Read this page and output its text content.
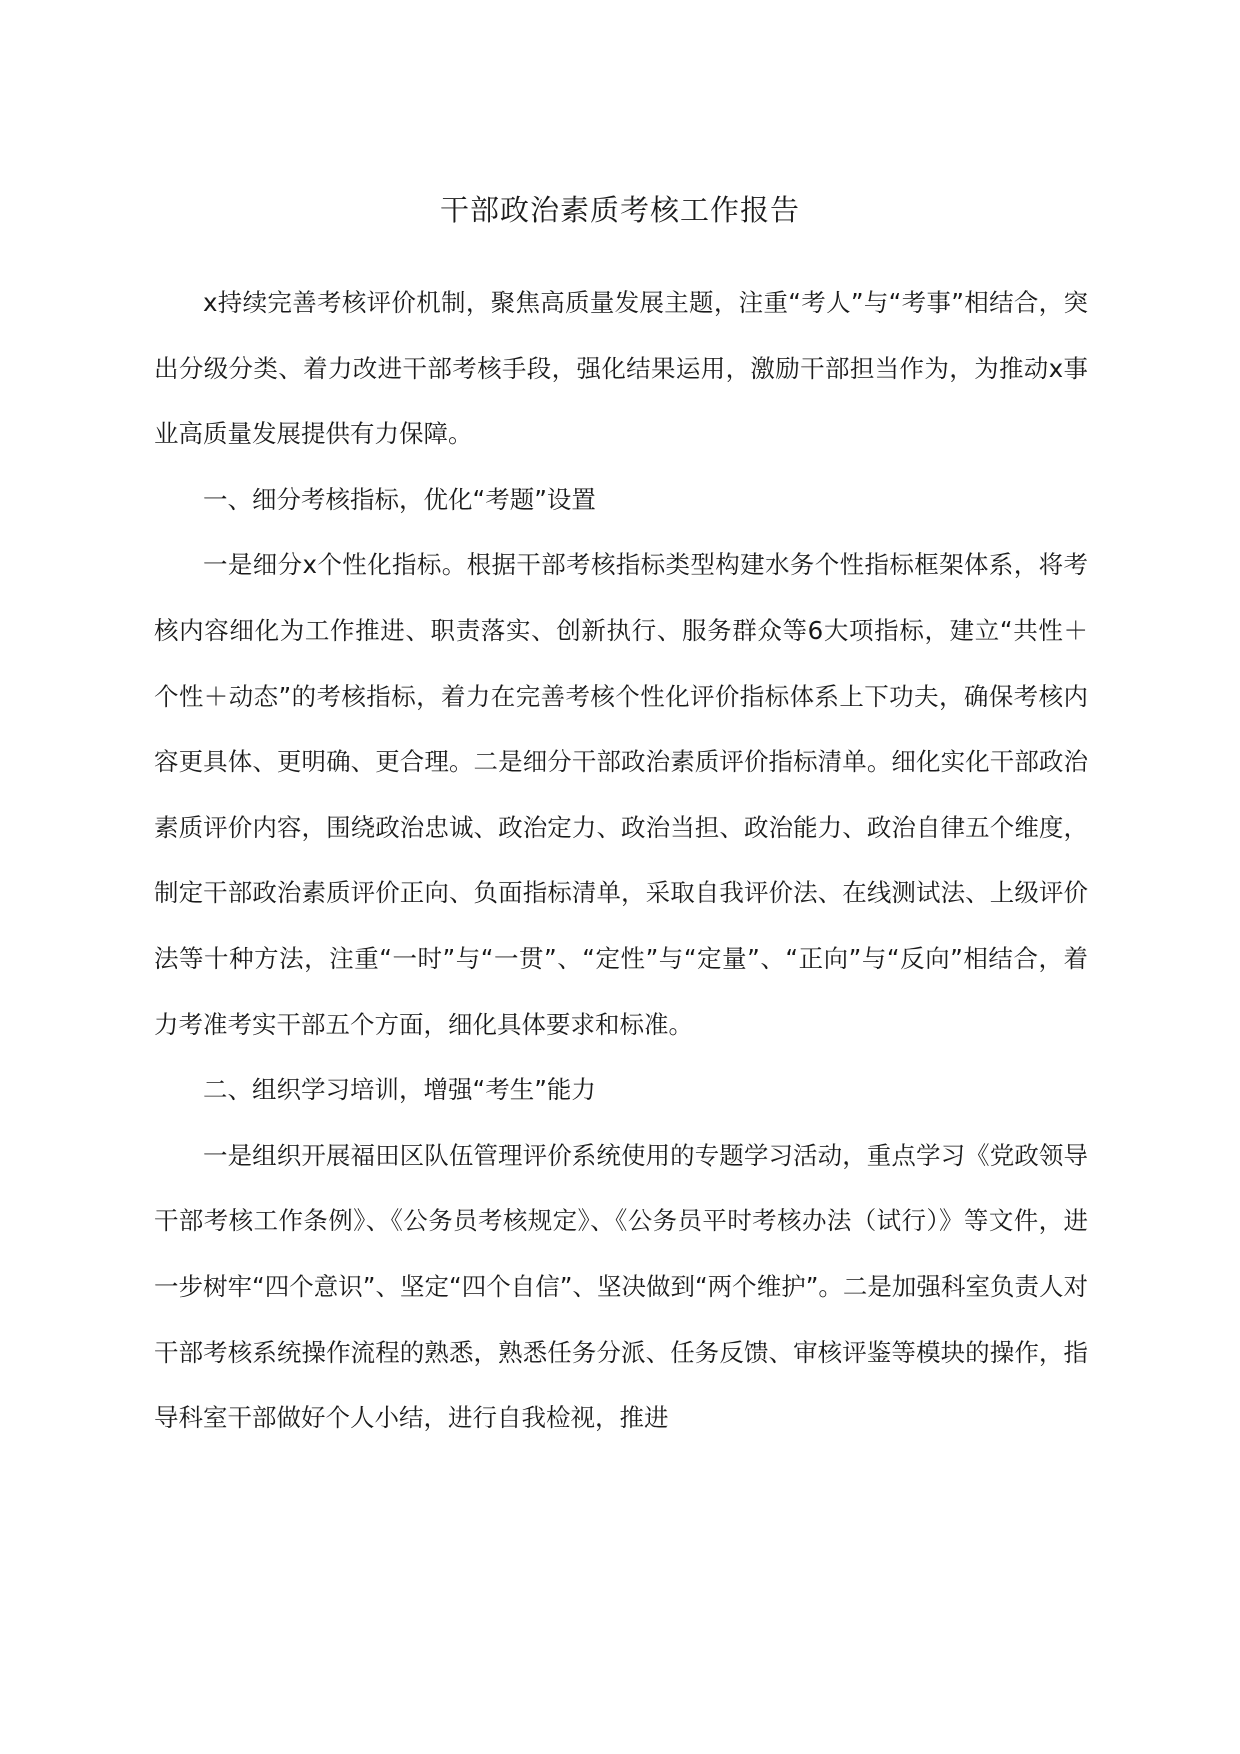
干部政治素质考核工作报告

x持续完善考核评价机制，聚焦高质量发展主题，注重“考人”与“考事”相结合，突出分级分类、着力改进干部考核手段，强化结果运用，激励干部担当作为，为推动x事业高质量发展提供有力保障。

一、细分考核指标，优化“考题”设置

一是细分x个性化指标。根据干部考核指标类型构建水务个性指标框架体系，将考核内容细化为工作推进、职责落实、创新执行、服务群众等6大项指标，建立“共性＋个性＋动态”的考核指标，着力在完善考核个性化评价指标体系上下功夫，确保考核内容更具体、更明确、更合理。二是细分干部政治素质评价指标清单。细化实化干部政治素质评价内容，围绕政治忠诚、政治定力、政治当担、政治能力、政治自律五个维度，制定干部政治素质评价正向、负面指标清单，采取自我评价法、在线测试法、上级评价法等十种方法，注重“一时”与“一贯”、“定性”与“定量”、“正向”与“反向”相结合，着力考准考实干部五个方面，细化具体要求和标准。

二、组织学习培训，增强“考生”能力

一是组织开展福田区队伍管理评价系统使用的专题学习活动，重点学习《党政领导干部考核工作条例》、《公务员考核规定》、《公务员平时考核办法（试行）》等文件，进一步树牢“四个意识”、坚定“四个自信”、坚决做到“两个维护”。二是加强科室负责人对干部考核系统操作流程的熟悉，熟悉任务分派、任务反馈、审核评鉴等模块的操作，指导科室干部做好个人小结，进行自我检视，推进
